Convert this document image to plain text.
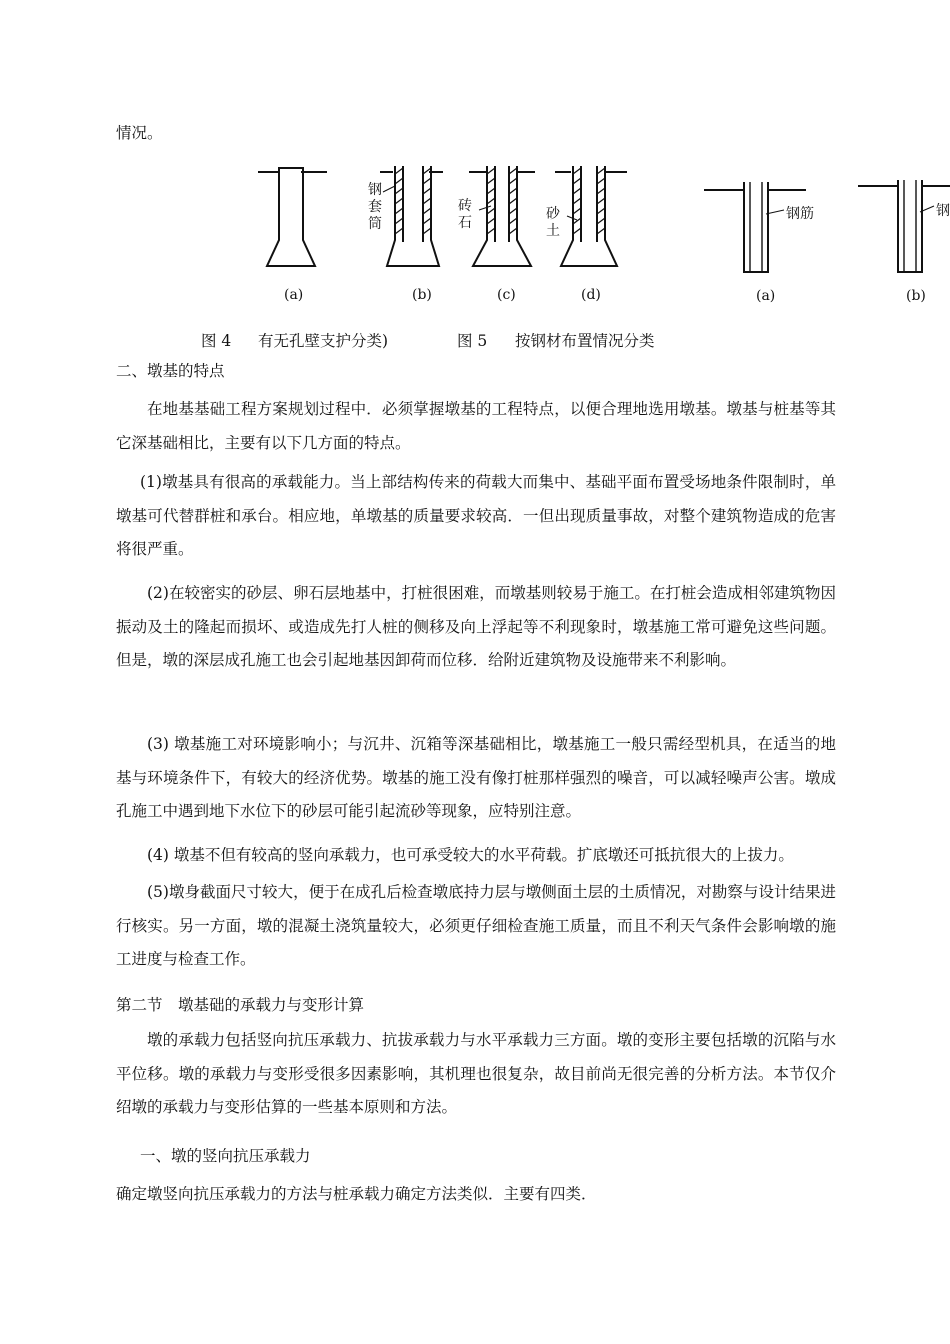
情况。
钢套筒
砖石
砂土
(a)	(b)	(c)	(d)
钢筋	钢
(a)	(b)
图 4 有无孔壁支护分类)	图 5 按钢材布置情况分类
二、墩基的特点
在地基基础工程方案规划过程中．必须掌握墩基的工程特点，以便合理地选用墩基。墩基与桩基等其它深基础相比，主要有以下几方面的特点。
(1)墩基具有很高的承载能力。当上部结构传来的荷载大而集中、基础平面布置受场地条件限制时，单墩基可代替群桩和承台。相应地，单墩基的质量要求较高．一但出现质量事故，对整个建筑物造成的危害将很严重。
(2)在较密实的砂层、卵石层地基中，打桩很困难，而墩基则较易于施工。在打桩会造成相邻建筑物因振动及土的隆起而损坏、或造成先打人桩的侧移及向上浮起等不利现象时，墩基施工常可避免这些问题。但是，墩的深层成孔施工也会引起地基因卸荷而位移．给附近建筑物及设施带来不利影响。
(3) 墩基施工对环境影响小；与沉井、沉箱等深基础相比，墩基施工一般只需经型机具，在适当的地基与环境条件下，有较大的经济优势。墩基的施工没有像打桩那样强烈的噪音，可以减轻噪声公害。墩成孔施工中遇到地下水位下的砂层可能引起流砂等现象，应特别注意。
(4) 墩基不但有较高的竖向承载力，也可承受较大的水平荷载。扩底墩还可抵抗很大的上拔力。
(5)墩身截面尺寸较大，便于在成孔后检查墩底持力层与墩侧面土层的土质情况，对勘察与设计结果进行核实。另一方面，墩的混凝土浇筑量较大，必须更仔细检查施工质量，而且不利天气条件会影响墩的施工进度与检查工作。
第二节　墩基础的承载力与变形计算
墩的承载力包括竖向抗压承载力、抗拔承载力与水平承载力三方面。墩的变形主要包括墩的沉陷与水平位移。墩的承载力与变形受很多因素影响，其机理也很复杂，故目前尚无很完善的分析方法。本节仅介绍墩的承载力与变形估算的一些基本原则和方法。
一、墩的竖向抗压承载力
确定墩竖向抗压承载力的方法与桩承载力确定方法类似．主要有四类．
